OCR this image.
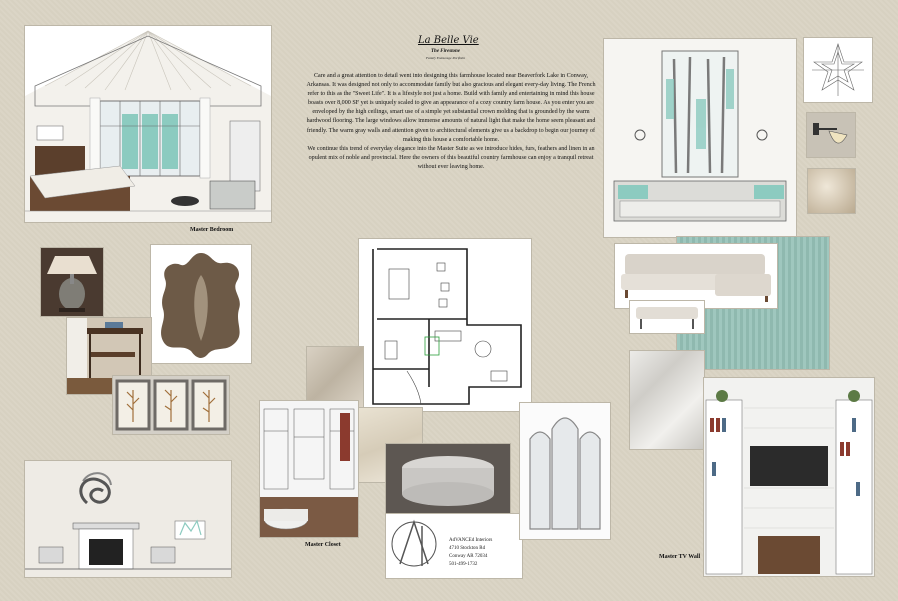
La Belle Vie
The Firestone
Family Entourage Portfolio

Care and a great attention to detail went into designing this farmhouse located near Beaverfork Lake in Conway, Arkansas. It was designed not only to accommodate family but also gracious and elegant every-day living. The French refer to this as the "Sweet Life". It is a lifestyle not just a home. Build with family and entertaining in mind this house boasts over 8,000 SF yet is uniquely scaled to give an appearance of a cozy country farm house. As you enter you are enveloped by the high ceilings, smart use of a simple yet substantial crown molding that is grounded by the warm hardwood flooring. The large windows allow immense amounts of natural light that make the home seem pleasant and friendly. The warm gray walls and attention given to architectural elements give us a backdrop to begin our journey of making this house a comfortable home.

We continue this trend of everyday elegance into the Master Suite as we introduce hides, furs, feathers and linen in an opulent mix of noble and provincial. Here the owners of this beautiful country farmhouse can enjoy a tranquil retreat without ever leaving home.

Master Bedroom
Master Closet
AdVANCEd Interiors
4710 Stockton Rd
Conway AR 72034
501-499-1732
Master TV Wall
